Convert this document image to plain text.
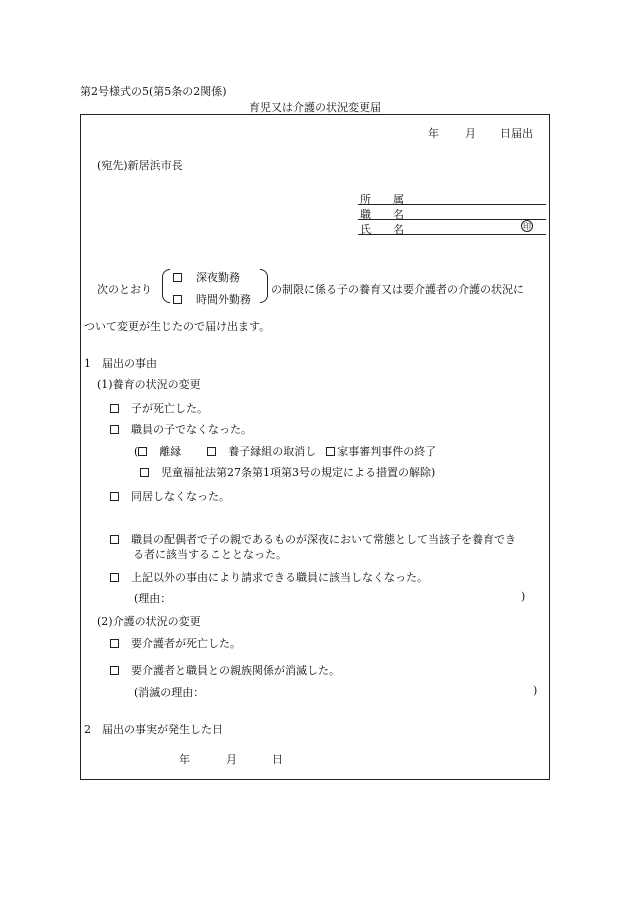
第2号様式の5(第5条の2関係)
育児又は介護の状況変更届
年 月 日届出
(宛先)新居浜市長
所　　属
職　　名
氏　　名	印
次のとおり
深夜勤務
時間外勤務
の制限に係る子の養育又は要介護者の介護の状況に
ついて変更が生じたので届け出ます。
1　届出の事由
(1)養育の状況の変更
子が死亡した。
職員の子でなくなった。
( 離縁	養子縁組の取消し 家事審判事件の終了
児童福祉法第27条第1項第3号の規定による措置の解除)
同居しなくなった。
職員の配偶者で子の親であるものが深夜において常態として当該子を養育でき
る者に該当することとなった。
上記以外の事由により請求できる職員に該当しなくなった。
(理由：	)
(2)介護の状況の変更
要介護者が死亡した。
要介護者と職員との親族関係が消滅した。
(消滅の理由：	)
2　届出の事実が発生した日
年	月	日
